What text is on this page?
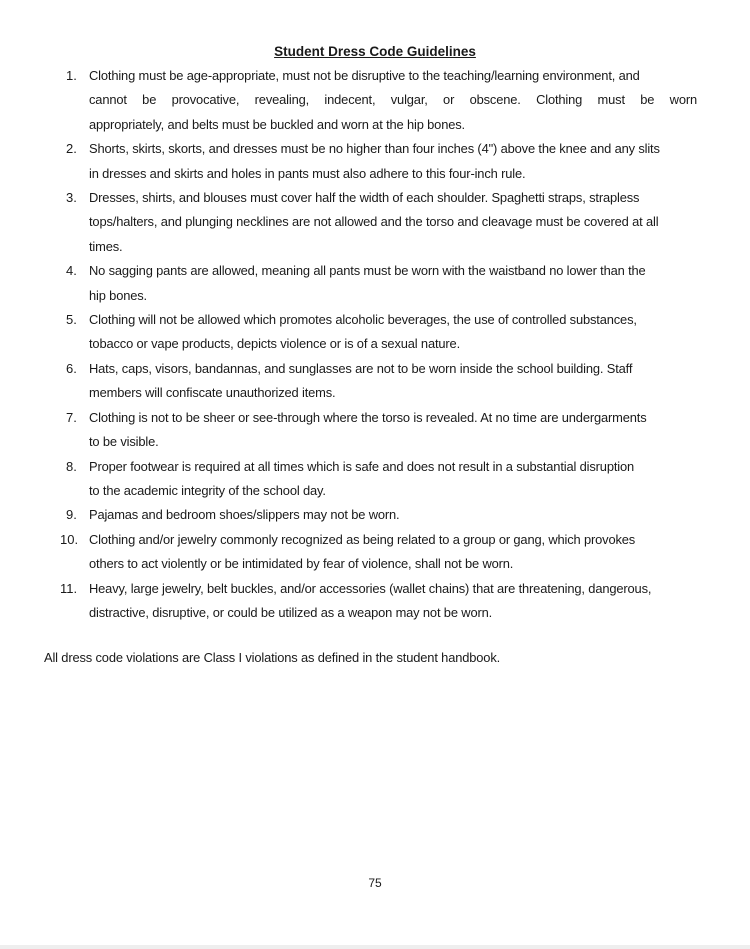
Student Dress Code Guidelines
1. Clothing must be age-appropriate, must not be disruptive to the teaching/learning environment, and
cannot be provocative, revealing, indecent, vulgar, or obscene. Clothing must be worn
appropriately, and belts must be buckled and worn at the hip bones.
2. Shorts, skirts, skorts, and dresses must be no higher than four inches (4") above the knee and any slits
in dresses and skirts and holes in pants must also adhere to this four-inch rule.
3. Dresses, shirts, and blouses must cover half the width of each shoulder. Spaghetti straps, strapless
tops/halters, and plunging necklines are not allowed and the torso and cleavage must be covered at all
times.
4. No sagging pants are allowed, meaning all pants must be worn with the waistband no lower than the
hip bones.
5. Clothing will not be allowed which promotes alcoholic beverages, the use of controlled substances,
tobacco or vape products, depicts violence or is of a sexual nature.
6. Hats, caps, visors, bandannas, and sunglasses are not to be worn inside the school building. Staff
members will confiscate unauthorized items.
7. Clothing is not to be sheer or see-through where the torso is revealed. At no time are undergarments
to be visible.
8. Proper footwear is required at all times which is safe and does not result in a substantial disruption
to the academic integrity of the school day.
9. Pajamas and bedroom shoes/slippers may not be worn.
10. Clothing and/or jewelry commonly recognized as being related to a group or gang, which provokes
others to act violently or be intimidated by fear of violence, shall not be worn.
11. Heavy, large jewelry, belt buckles, and/or accessories (wallet chains) that are threatening, dangerous,
distractive, disruptive, or could be utilized as a weapon may not be worn.
All dress code violations are Class I violations as defined in the student handbook.
75
